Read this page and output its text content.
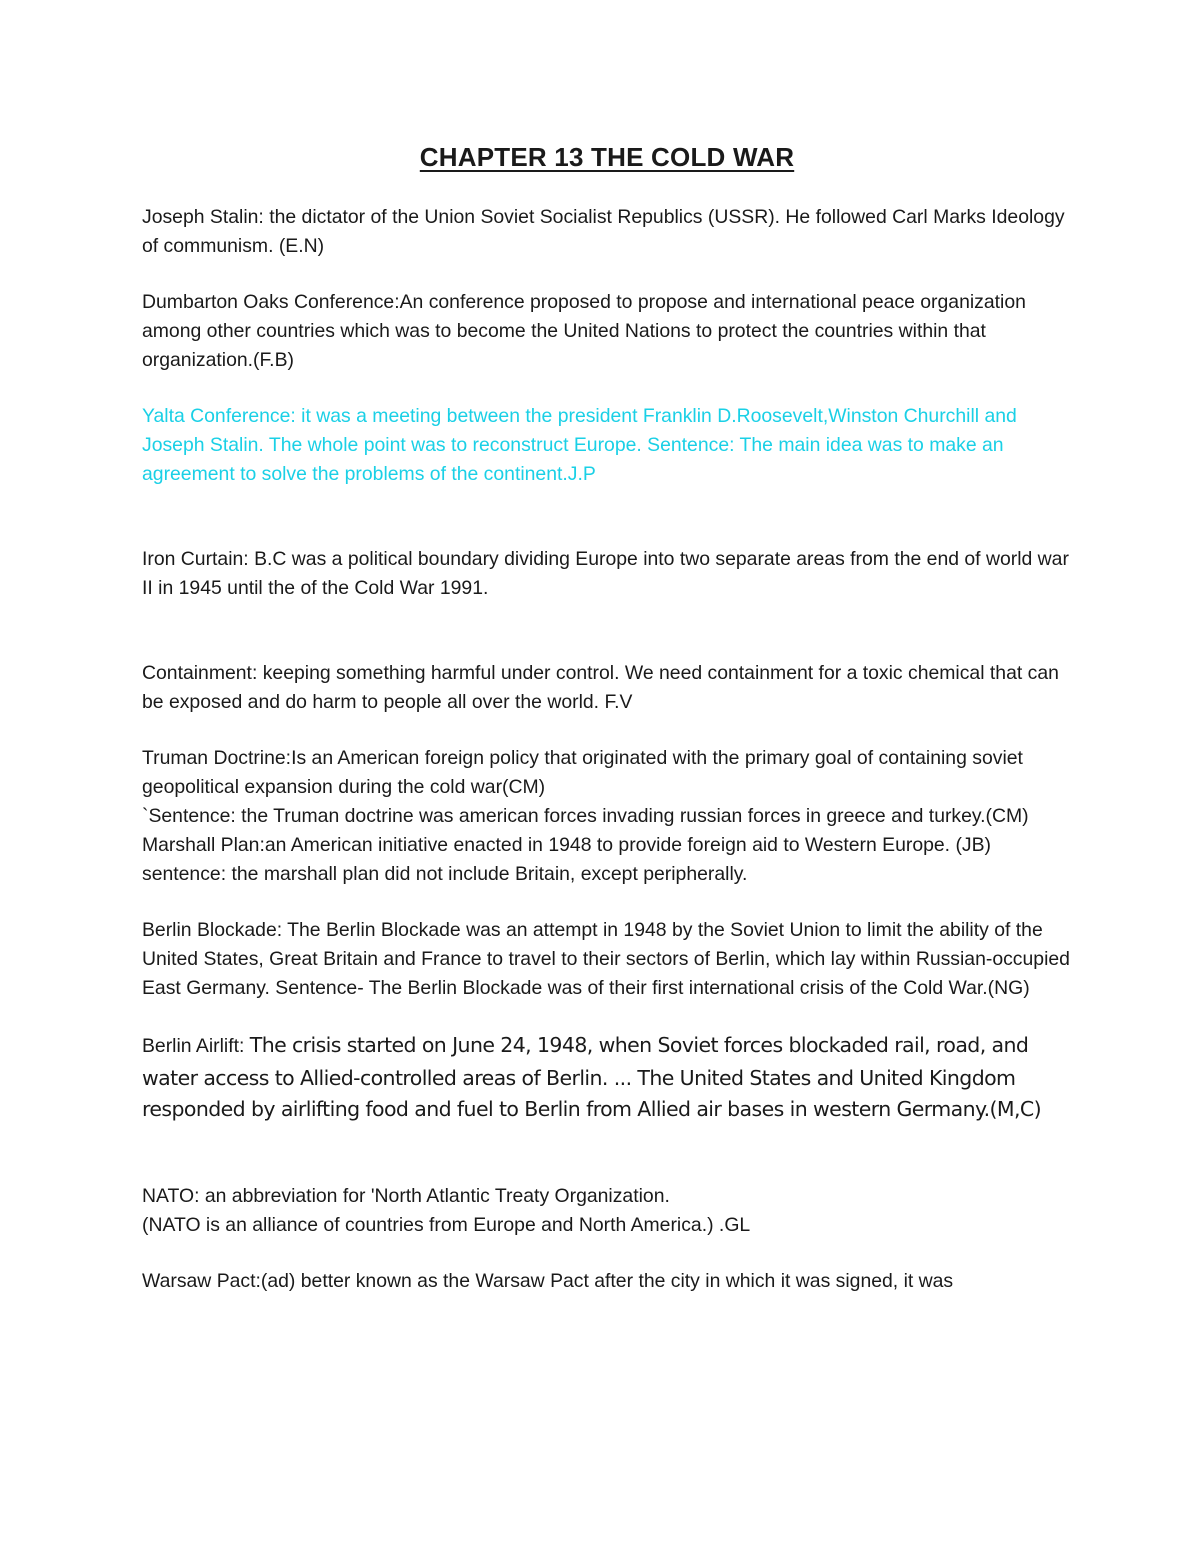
CHAPTER 13 THE COLD WAR

Joseph Stalin: the dictator of the Union Soviet Socialist Republics (USSR). He followed Carl Marks Ideology of communism. (E.N)

Dumbarton Oaks Conference:An conference proposed to propose and international peace organization among other countries which was to become the United Nations to protect the countries within that organization.(F.B)

Yalta Conference: it was a meeting between the president Franklin D.Roosevelt,Winston Churchill and Joseph Stalin. The whole point was to reconstruct Europe. Sentence: The main idea was to make an agreement to solve the problems of the continent.J.P

Iron Curtain: B.C was a political boundary dividing Europe into two separate areas from the end of world war II in 1945 until the of the Cold War 1991.

Containment: keeping something harmful under control. We need containment for a toxic chemical that can be exposed and do harm to people all over the world. F.V

Truman Doctrine:Is an American foreign policy that originated with the primary goal of containing soviet geopolitical expansion during the cold war(CM)

`Sentence: the Truman doctrine was american forces invading russian forces in greece and turkey.(CM)

Marshall Plan:an American initiative enacted in 1948 to provide foreign aid to Western Europe. (JB) sentence: the marshall plan did not include Britain, except peripherally.

Berlin Blockade: The Berlin Blockade was an attempt in 1948 by the Soviet Union to limit the ability of the United States, Great Britain and France to travel to their sectors of Berlin, which lay within Russian-occupied East Germany. Sentence- The Berlin Blockade was of their first international crisis of the Cold War.(NG)

Berlin Airlift: The crisis started on June 24, 1948, when Soviet forces blockaded rail, road, and water access to Allied-controlled areas of Berlin. ... The United States and United Kingdom responded by airlifting food and fuel to Berlin from Allied air bases in western Germany.(M,C)

NATO: an abbreviation for 'North Atlantic Treaty Organization.

(NATO is an alliance of countries from Europe and North America.) .GL

Warsaw Pact:(ad) better known as the Warsaw Pact after the city in which it was signed, it was
